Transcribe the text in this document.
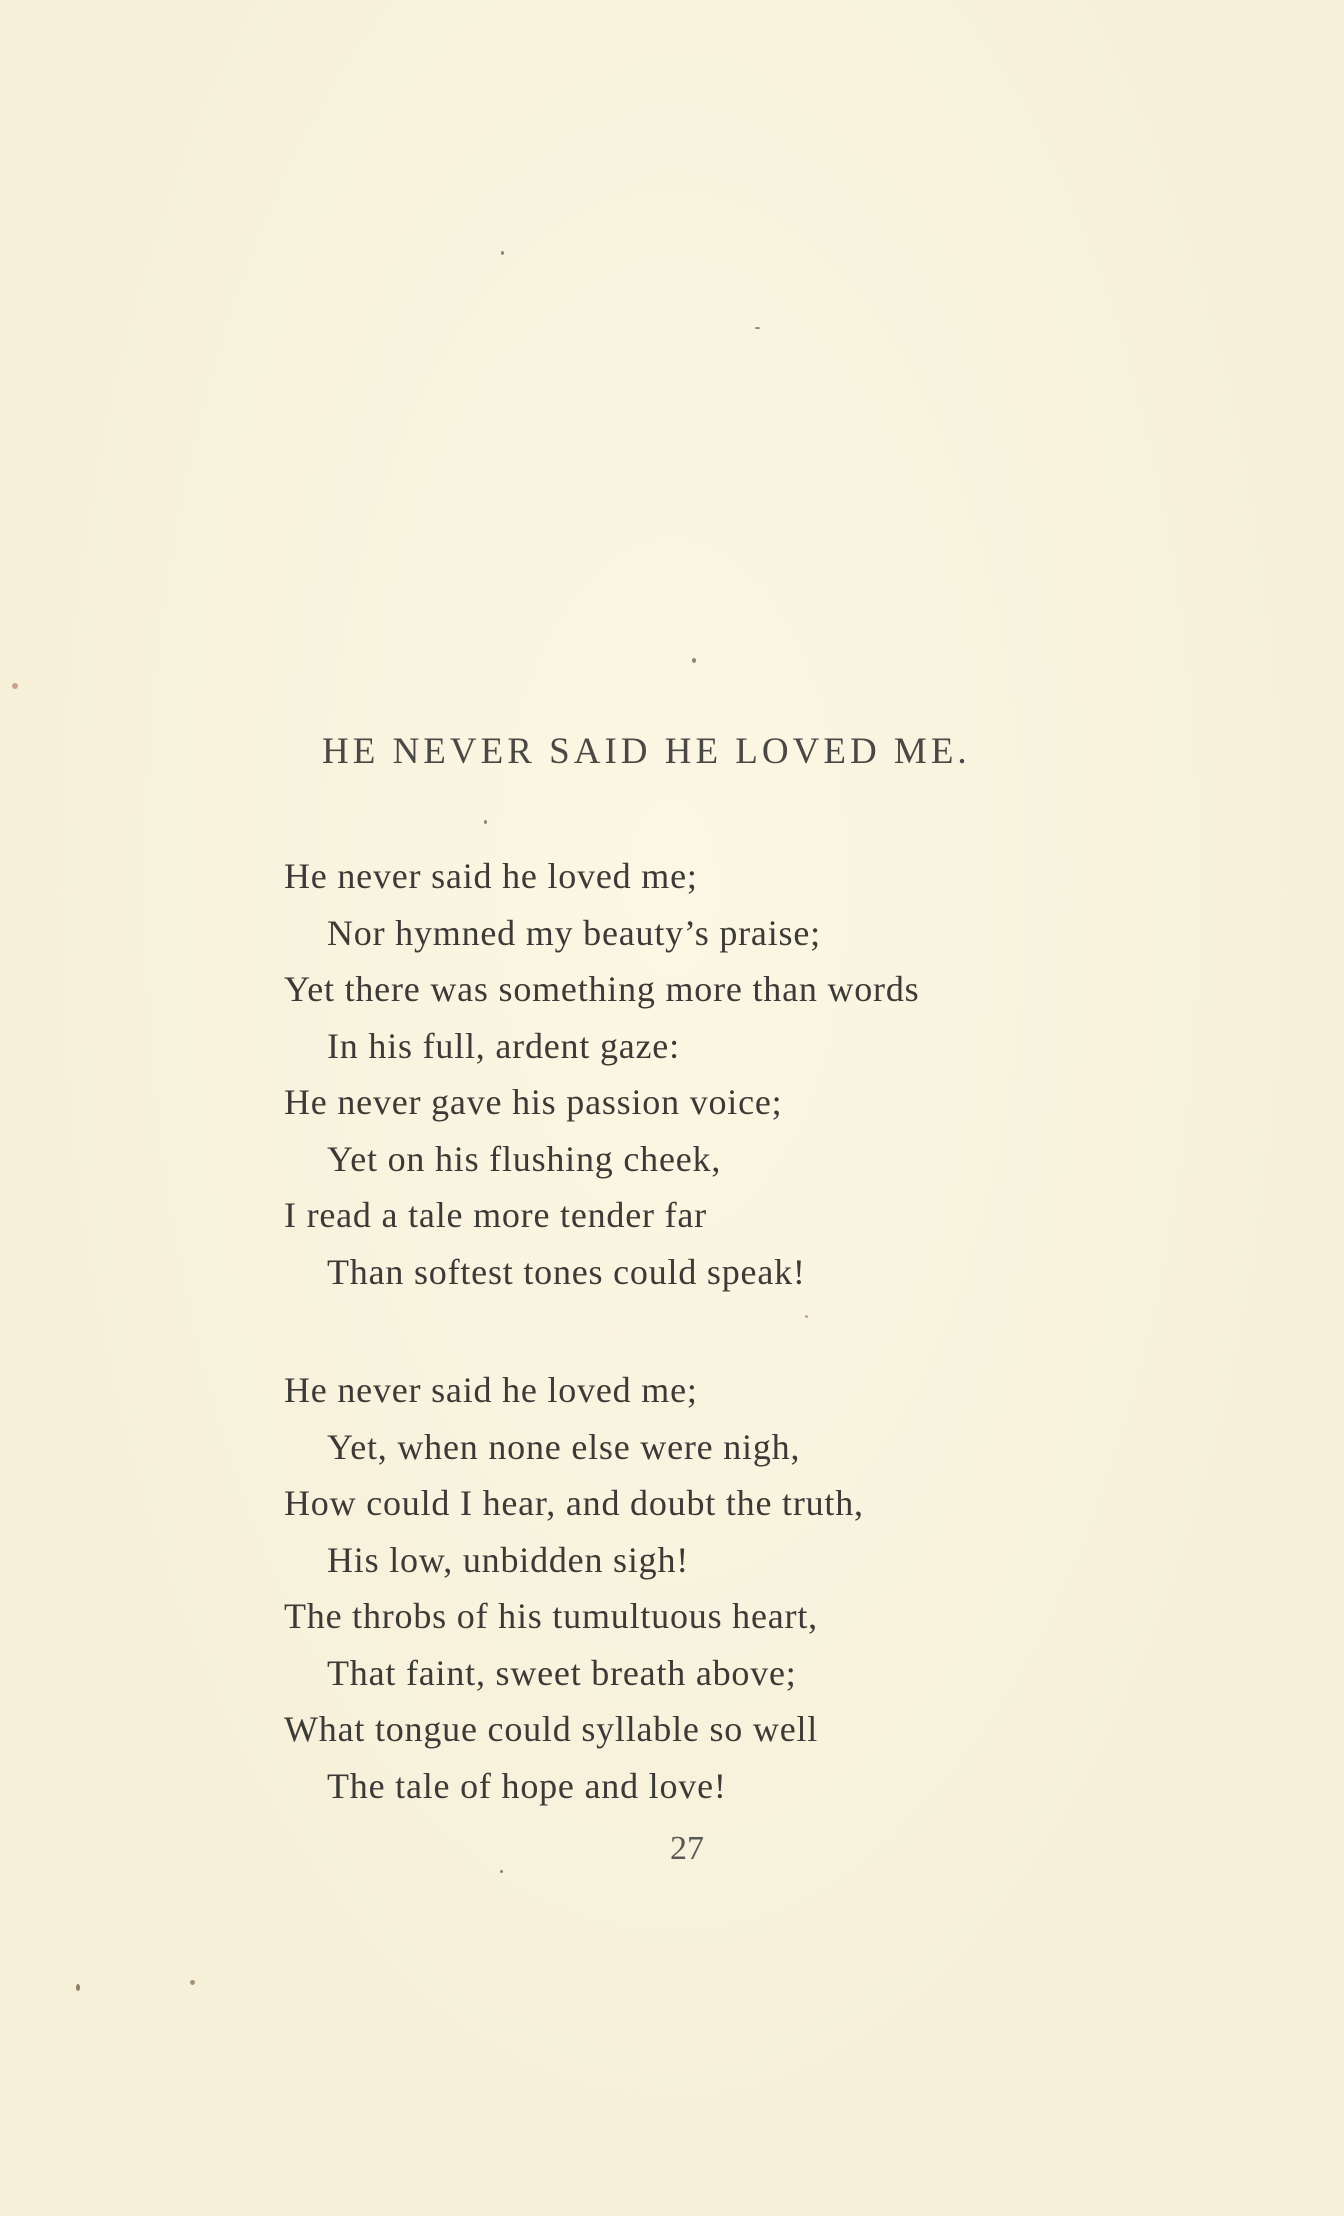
HE NEVER SAID HE LOVED ME.
He never said he loved me;
Nor hymned my beauty’s praise;
Yet there was something more than words
In his full, ardent gaze:
He never gave his passion voice;
Yet on his flushing cheek,
I read a tale more tender far
Than softest tones could speak!
He never said he loved me;
Yet, when none else were nigh,
How could I hear, and doubt the truth,
His low, unbidden sigh!
The throbs of his tumultuous heart,
That faint, sweet breath above;
What tongue could syllable so well
The tale of hope and love!
27
